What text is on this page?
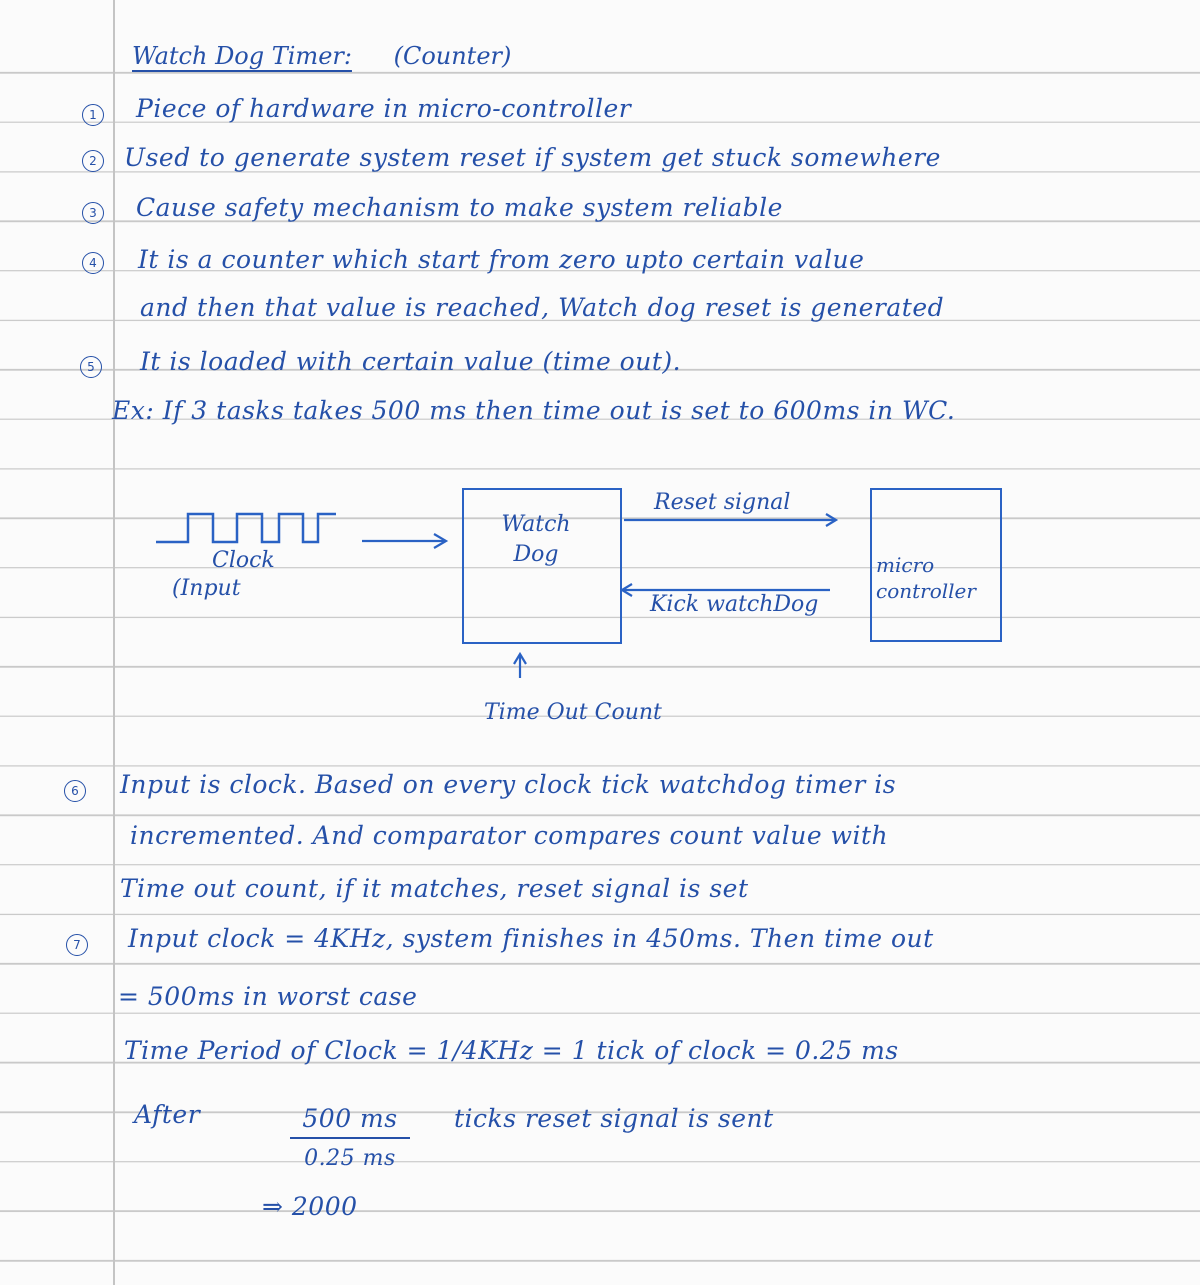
Watch Dog Timer: (Counter)
1 Piece of hardware in micro-controller
2 Used to generate system reset if system get stuck somewhere
3 Cause safety mechanism to make system reliable
4 It is a counter which start from zero upto certain value
and then that value is reached, Watch dog reset is generated
5 It is loaded with certain value (time out).
Ex: If 3 tasks takes 500 ms then time out is set to 600ms in WC.
Clock
(Input
Watch Dog
Reset signal
Kick watchDog
micro controller
Time Out Count
6 Input is clock. Based on every clock tick watchdog timer is
incremented. And comparator compares count value with
Time out count, if it matches, reset signal is set
7 Input clock = 4KHz, system finishes in 450ms. Then time out
= 500ms in worst case
Time Period of Clock = 1/4KHz = 1 tick of clock = 0.25 ms
After	500 ms
0.25 ms
ticks reset signal is sent
⇒ 2000
